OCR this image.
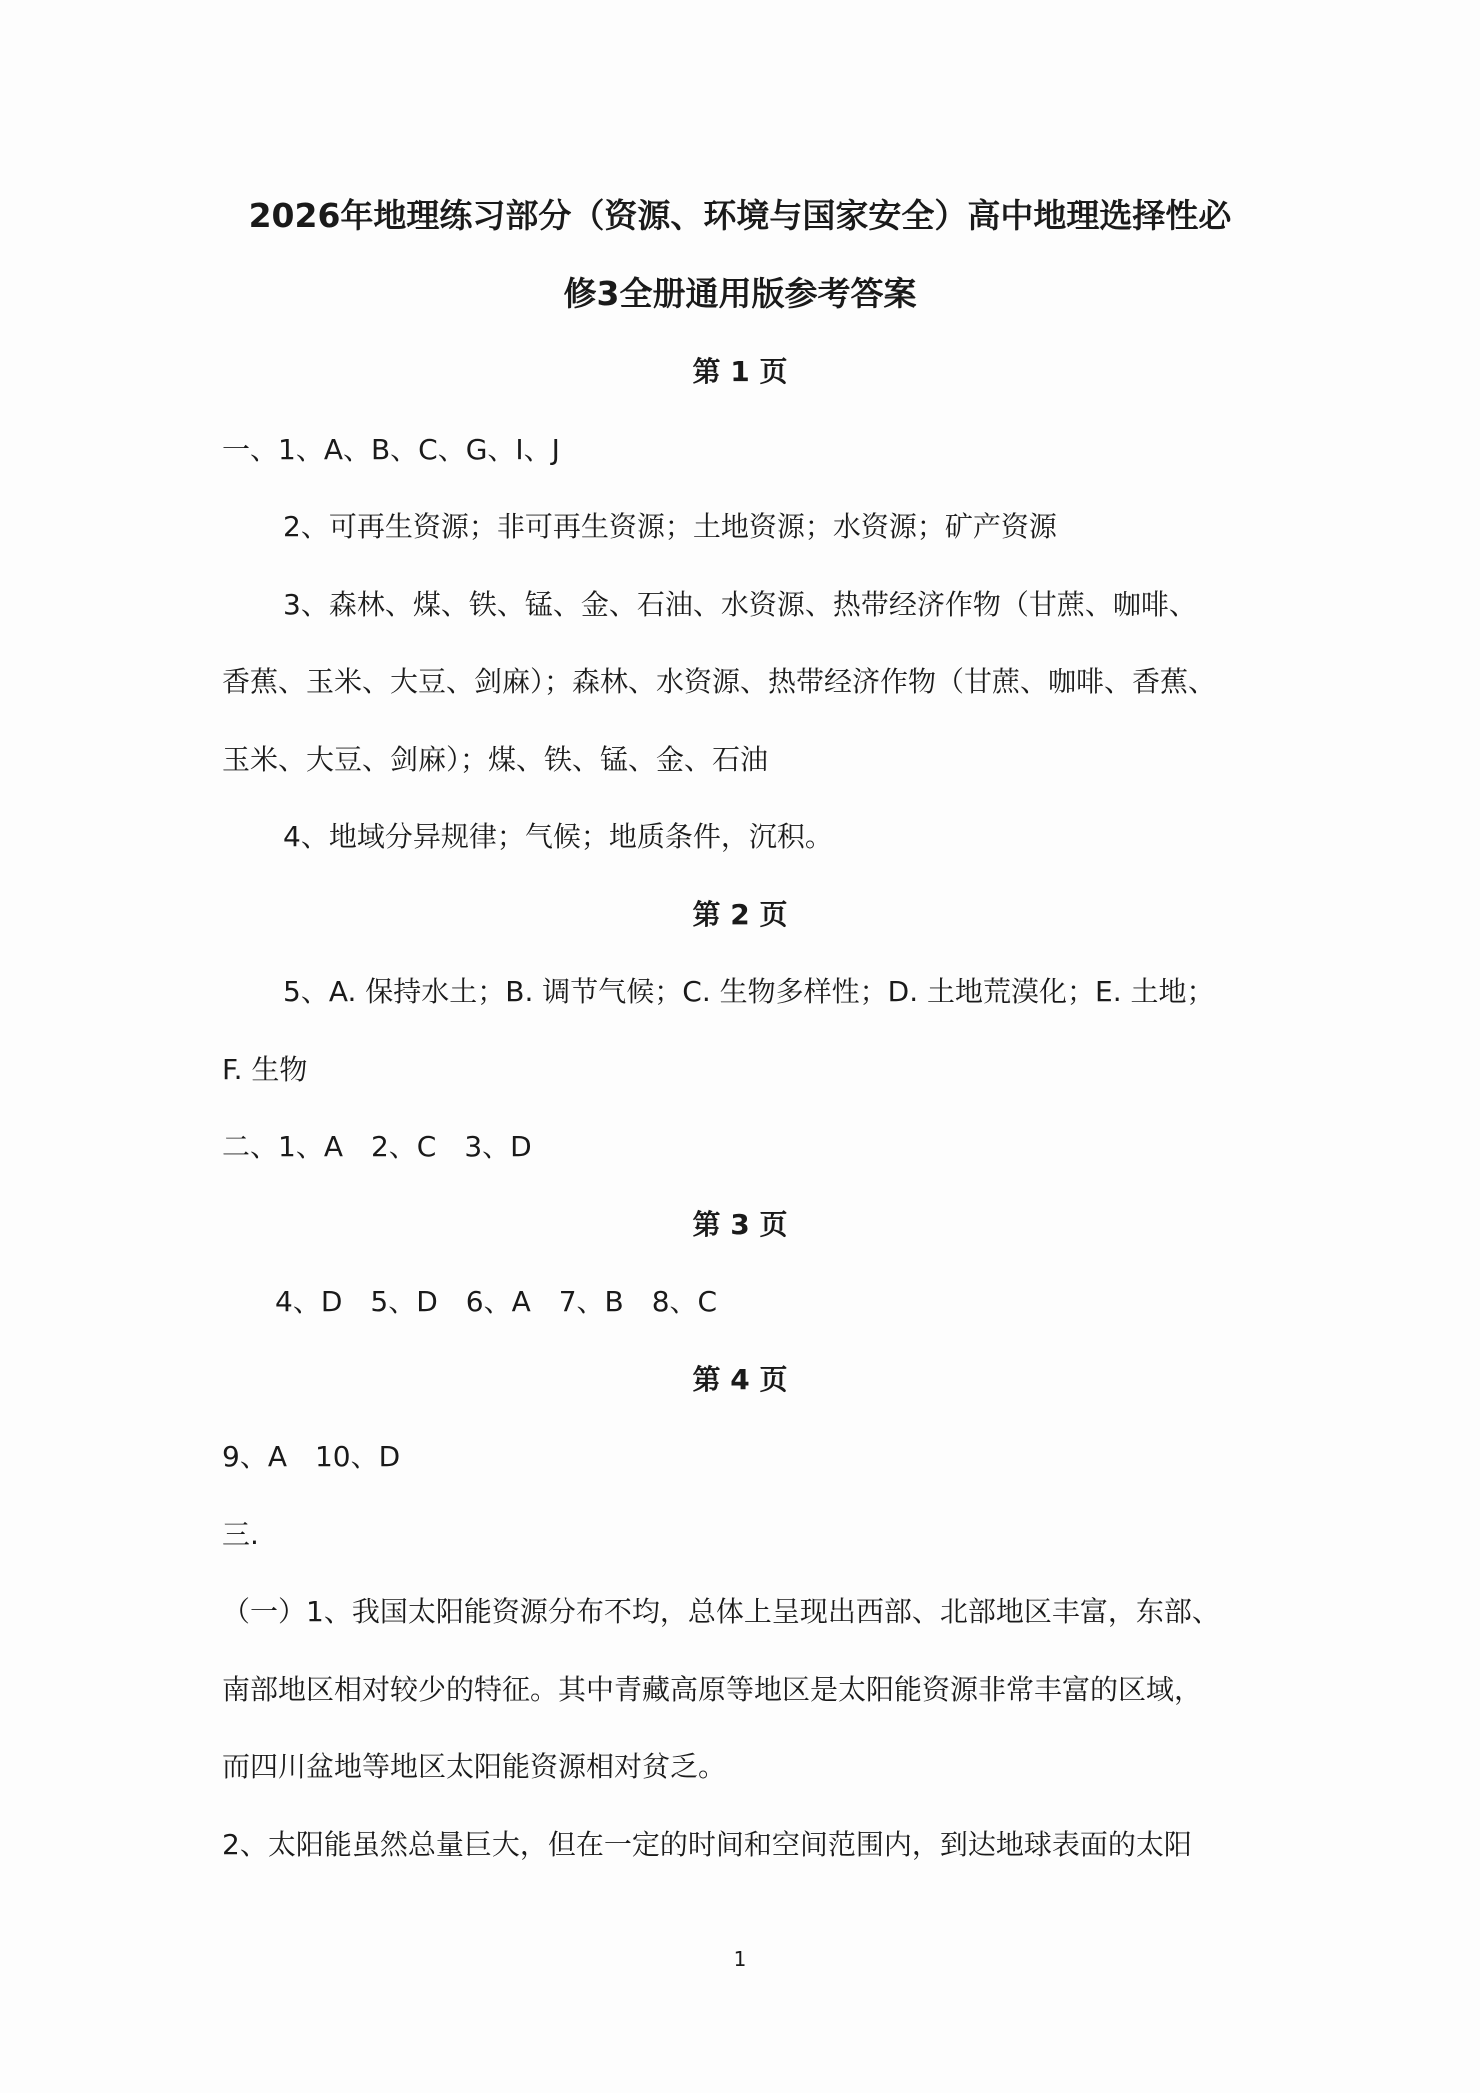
2026年地理练习部分（资源、环境与国家安全）高中地理选择性必
修3全册通用版参考答案
第 1 页
一、1、A、B、C、G、I、J
2、可再生资源；非可再生资源；土地资源；水资源；矿产资源
3、森林、煤、铁、锰、金、石油、水资源、热带经济作物（甘蔗、咖啡、
香蕉、玉米、大豆、剑麻）；森林、水资源、热带经济作物（甘蔗、咖啡、香蕉、
玉米、大豆、剑麻）；煤、铁、锰、金、石油
4、地域分异规律；气候；地质条件，沉积。
第 2 页
5、A. 保持水土；B. 调节气候；C. 生物多样性；D. 土地荒漠化；E. 土地；
F. 生物
二、1、A　2、C　3、D
第 3 页
4、D　5、D　6、A　7、B　8、C
第 4 页
9、A　10、D
三.
（一）1、我国太阳能资源分布不均，总体上呈现出西部、北部地区丰富，东部、
南部地区相对较少的特征。其中青藏高原等地区是太阳能资源非常丰富的区域，
而四川盆地等地区太阳能资源相对贫乏。
2、太阳能虽然总量巨大，但在一定的时间和空间范围内，到达地球表面的太阳
1
